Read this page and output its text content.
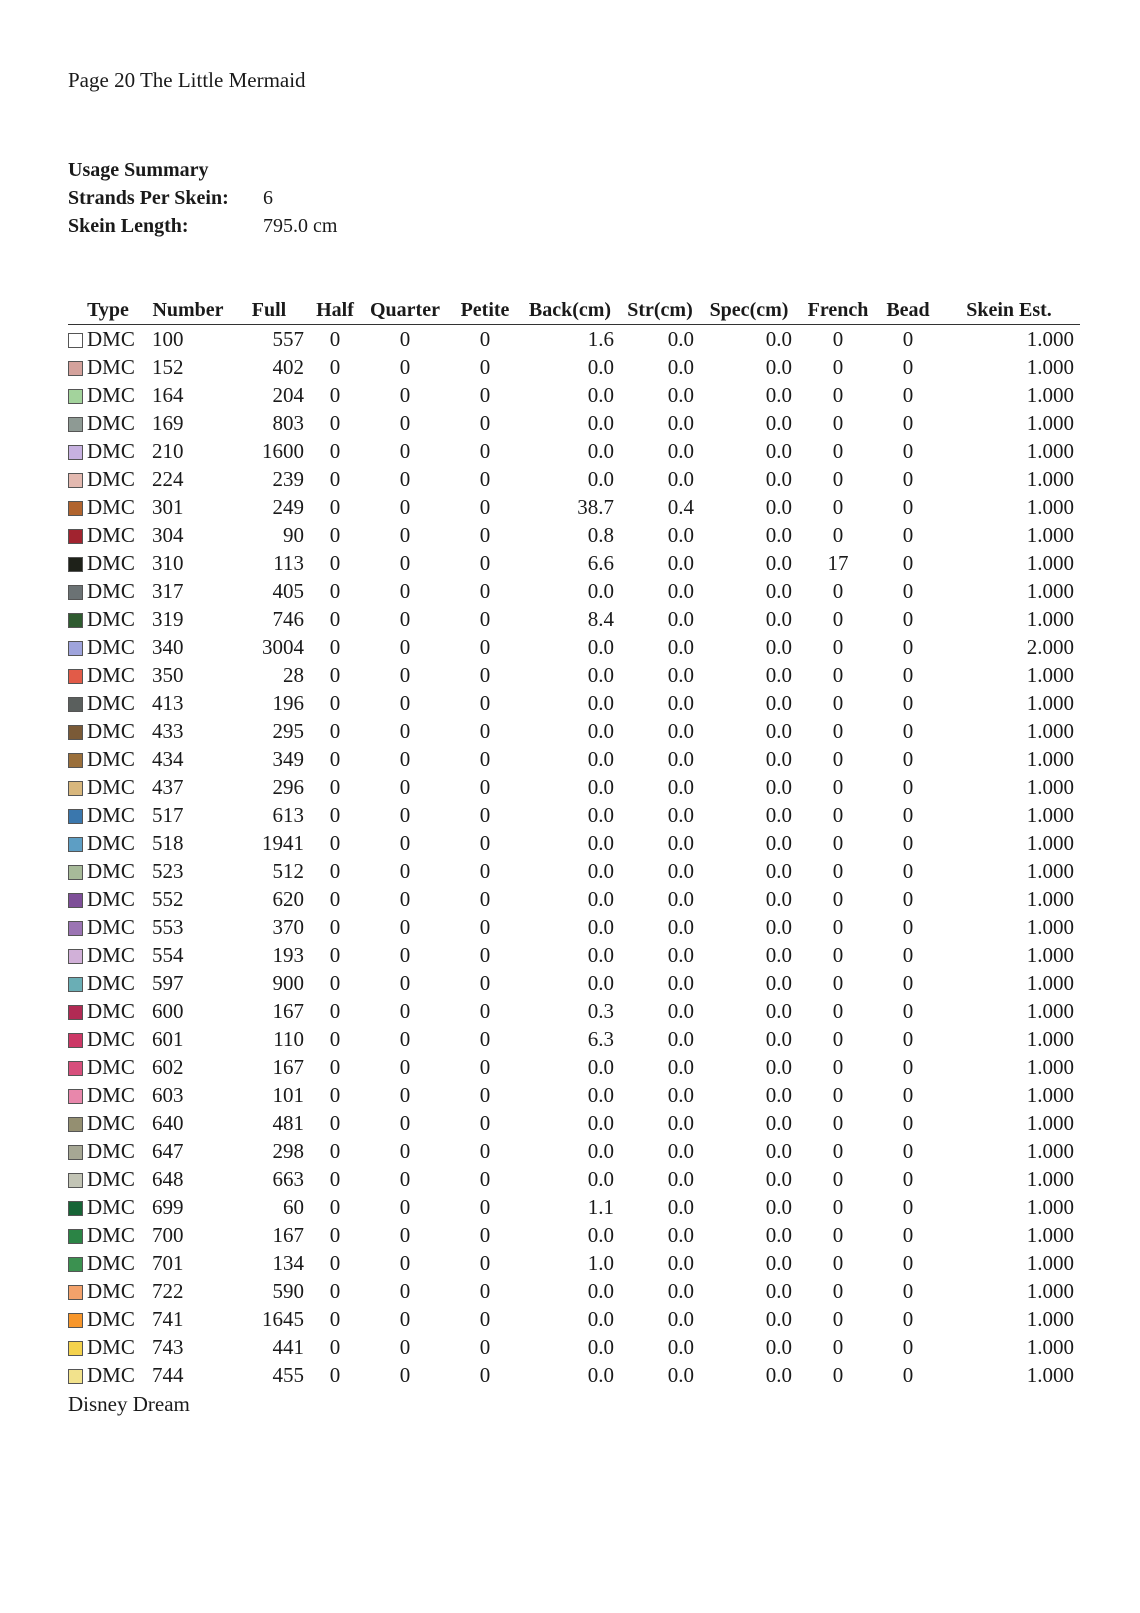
Page 20 The Little Mermaid
Usage Summary
Strands Per Skein:	6
Skein Length:	795.0 cm
Type	Number	Full	Half	Quarter	Petite	Back(cm)	Str(cm)	Spec(cm)	French	Bead	Skein Est.
DMC	100	557	0	0	0	1.6	0.0	0.0	0	0	1.000
DMC	152	402	0	0	0	0.0	0.0	0.0	0	0	1.000
DMC	164	204	0	0	0	0.0	0.0	0.0	0	0	1.000
DMC	169	803	0	0	0	0.0	0.0	0.0	0	0	1.000
DMC	210	1600	0	0	0	0.0	0.0	0.0	0	0	1.000
DMC	224	239	0	0	0	0.0	0.0	0.0	0	0	1.000
DMC	301	249	0	0	0	38.7	0.4	0.0	0	0	1.000
DMC	304	90	0	0	0	0.8	0.0	0.0	0	0	1.000
DMC	310	113	0	0	0	6.6	0.0	0.0	17	0	1.000
DMC	317	405	0	0	0	0.0	0.0	0.0	0	0	1.000
DMC	319	746	0	0	0	8.4	0.0	0.0	0	0	1.000
DMC	340	3004	0	0	0	0.0	0.0	0.0	0	0	2.000
DMC	350	28	0	0	0	0.0	0.0	0.0	0	0	1.000
DMC	413	196	0	0	0	0.0	0.0	0.0	0	0	1.000
DMC	433	295	0	0	0	0.0	0.0	0.0	0	0	1.000
DMC	434	349	0	0	0	0.0	0.0	0.0	0	0	1.000
DMC	437	296	0	0	0	0.0	0.0	0.0	0	0	1.000
DMC	517	613	0	0	0	0.0	0.0	0.0	0	0	1.000
DMC	518	1941	0	0	0	0.0	0.0	0.0	0	0	1.000
DMC	523	512	0	0	0	0.0	0.0	0.0	0	0	1.000
DMC	552	620	0	0	0	0.0	0.0	0.0	0	0	1.000
DMC	553	370	0	0	0	0.0	0.0	0.0	0	0	1.000
DMC	554	193	0	0	0	0.0	0.0	0.0	0	0	1.000
DMC	597	900	0	0	0	0.0	0.0	0.0	0	0	1.000
DMC	600	167	0	0	0	0.3	0.0	0.0	0	0	1.000
DMC	601	110	0	0	0	6.3	0.0	0.0	0	0	1.000
DMC	602	167	0	0	0	0.0	0.0	0.0	0	0	1.000
DMC	603	101	0	0	0	0.0	0.0	0.0	0	0	1.000
DMC	640	481	0	0	0	0.0	0.0	0.0	0	0	1.000
DMC	647	298	0	0	0	0.0	0.0	0.0	0	0	1.000
DMC	648	663	0	0	0	0.0	0.0	0.0	0	0	1.000
DMC	699	60	0	0	0	1.1	0.0	0.0	0	0	1.000
DMC	700	167	0	0	0	0.0	0.0	0.0	0	0	1.000
DMC	701	134	0	0	0	1.0	0.0	0.0	0	0	1.000
DMC	722	590	0	0	0	0.0	0.0	0.0	0	0	1.000
DMC	741	1645	0	0	0	0.0	0.0	0.0	0	0	1.000
DMC	743	441	0	0	0	0.0	0.0	0.0	0	0	1.000
DMC	744	455	0	0	0	0.0	0.0	0.0	0	0	1.000
Disney Dream
